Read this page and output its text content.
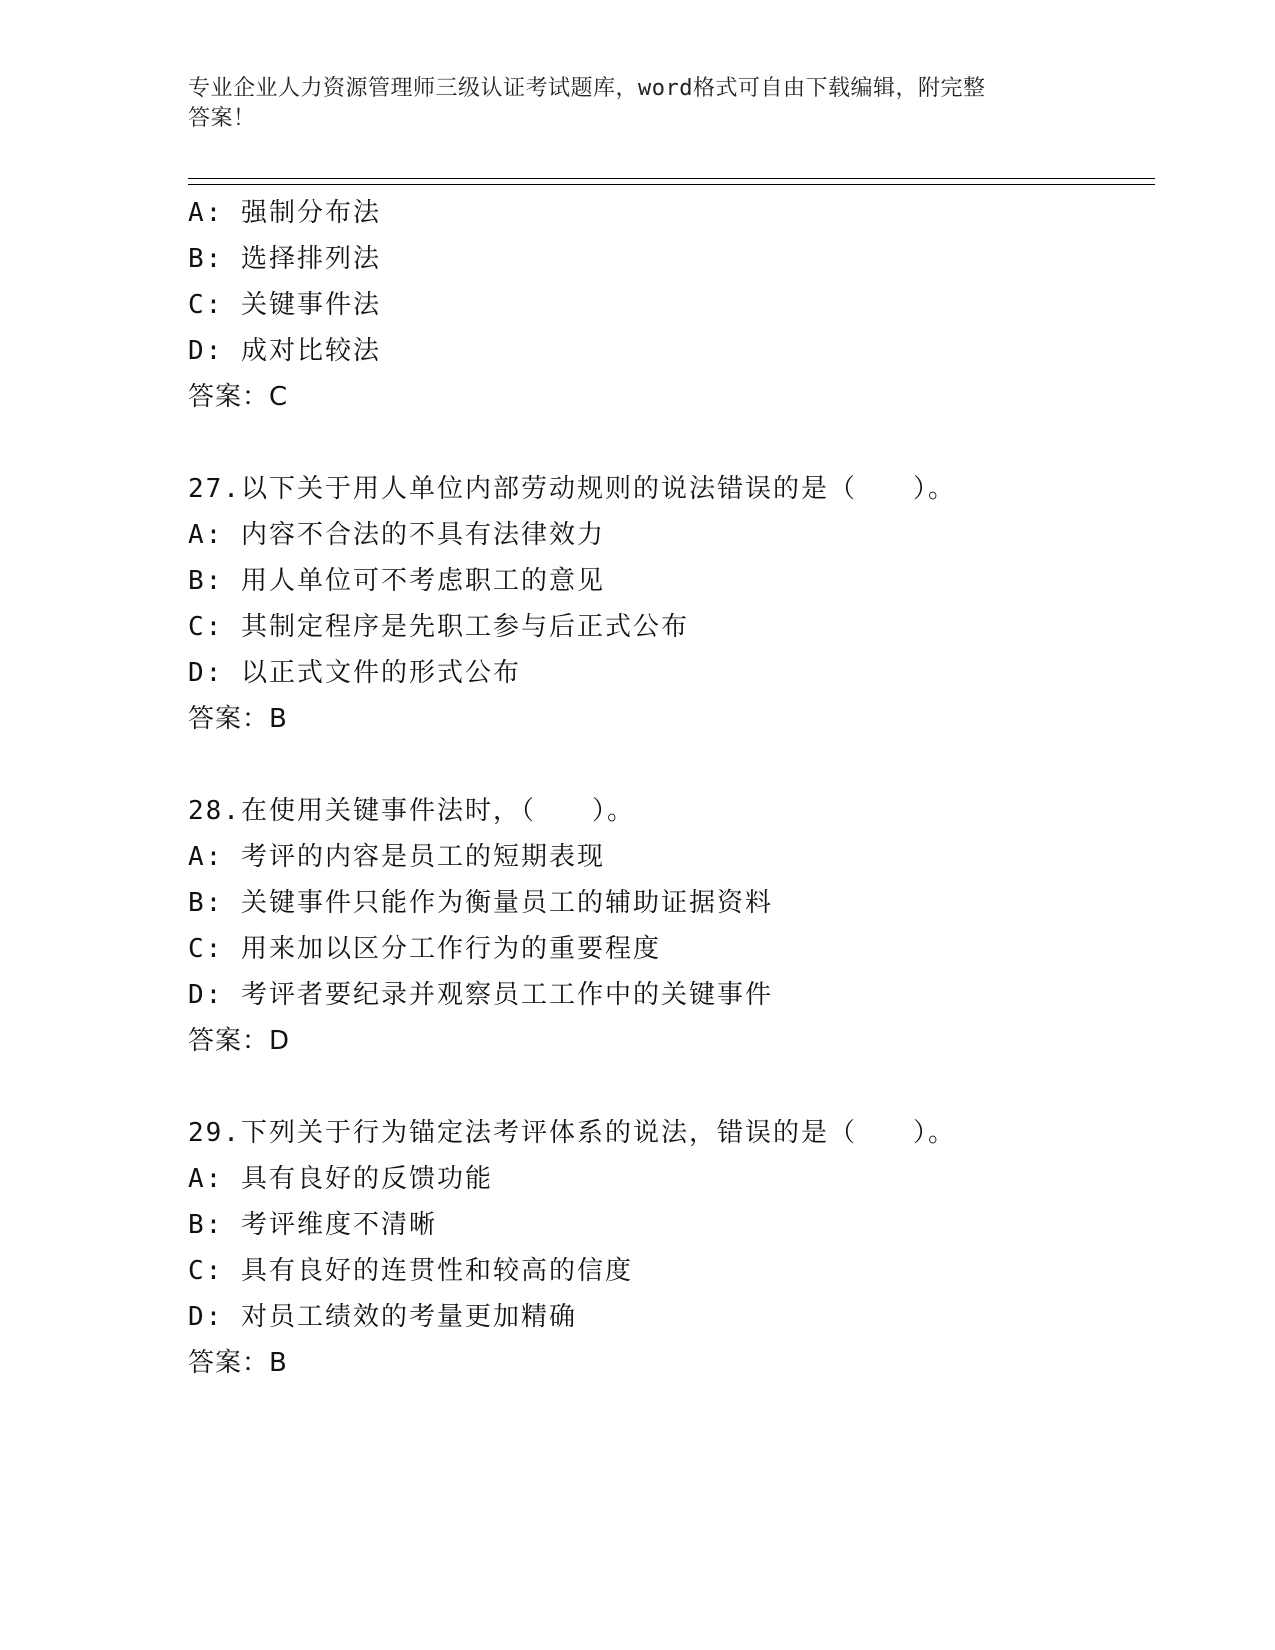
专业企业人力资源管理师三级认证考试题库，word格式可自由下载编辑，附完整
答案！
A: 强制分布法
B: 选择排列法
C: 关键事件法
D: 成对比较法
答案：C
27.以下关于用人单位内部劳动规则的说法错误的是（　　）。
A: 内容不合法的不具有法律效力
B: 用人单位可不考虑职工的意见
C: 其制定程序是先职工参与后正式公布
D: 以正式文件的形式公布
答案：B
28.在使用关键事件法时，（　　）。
A: 考评的内容是员工的短期表现
B: 关键事件只能作为衡量员工的辅助证据资料
C: 用来加以区分工作行为的重要程度
D: 考评者要纪录并观察员工工作中的关键事件
答案：D
29.下列关于行为锚定法考评体系的说法，错误的是（　　）。
A: 具有良好的反馈功能
B: 考评维度不清晰
C: 具有良好的连贯性和较高的信度
D: 对员工绩效的考量更加精确
答案：B
